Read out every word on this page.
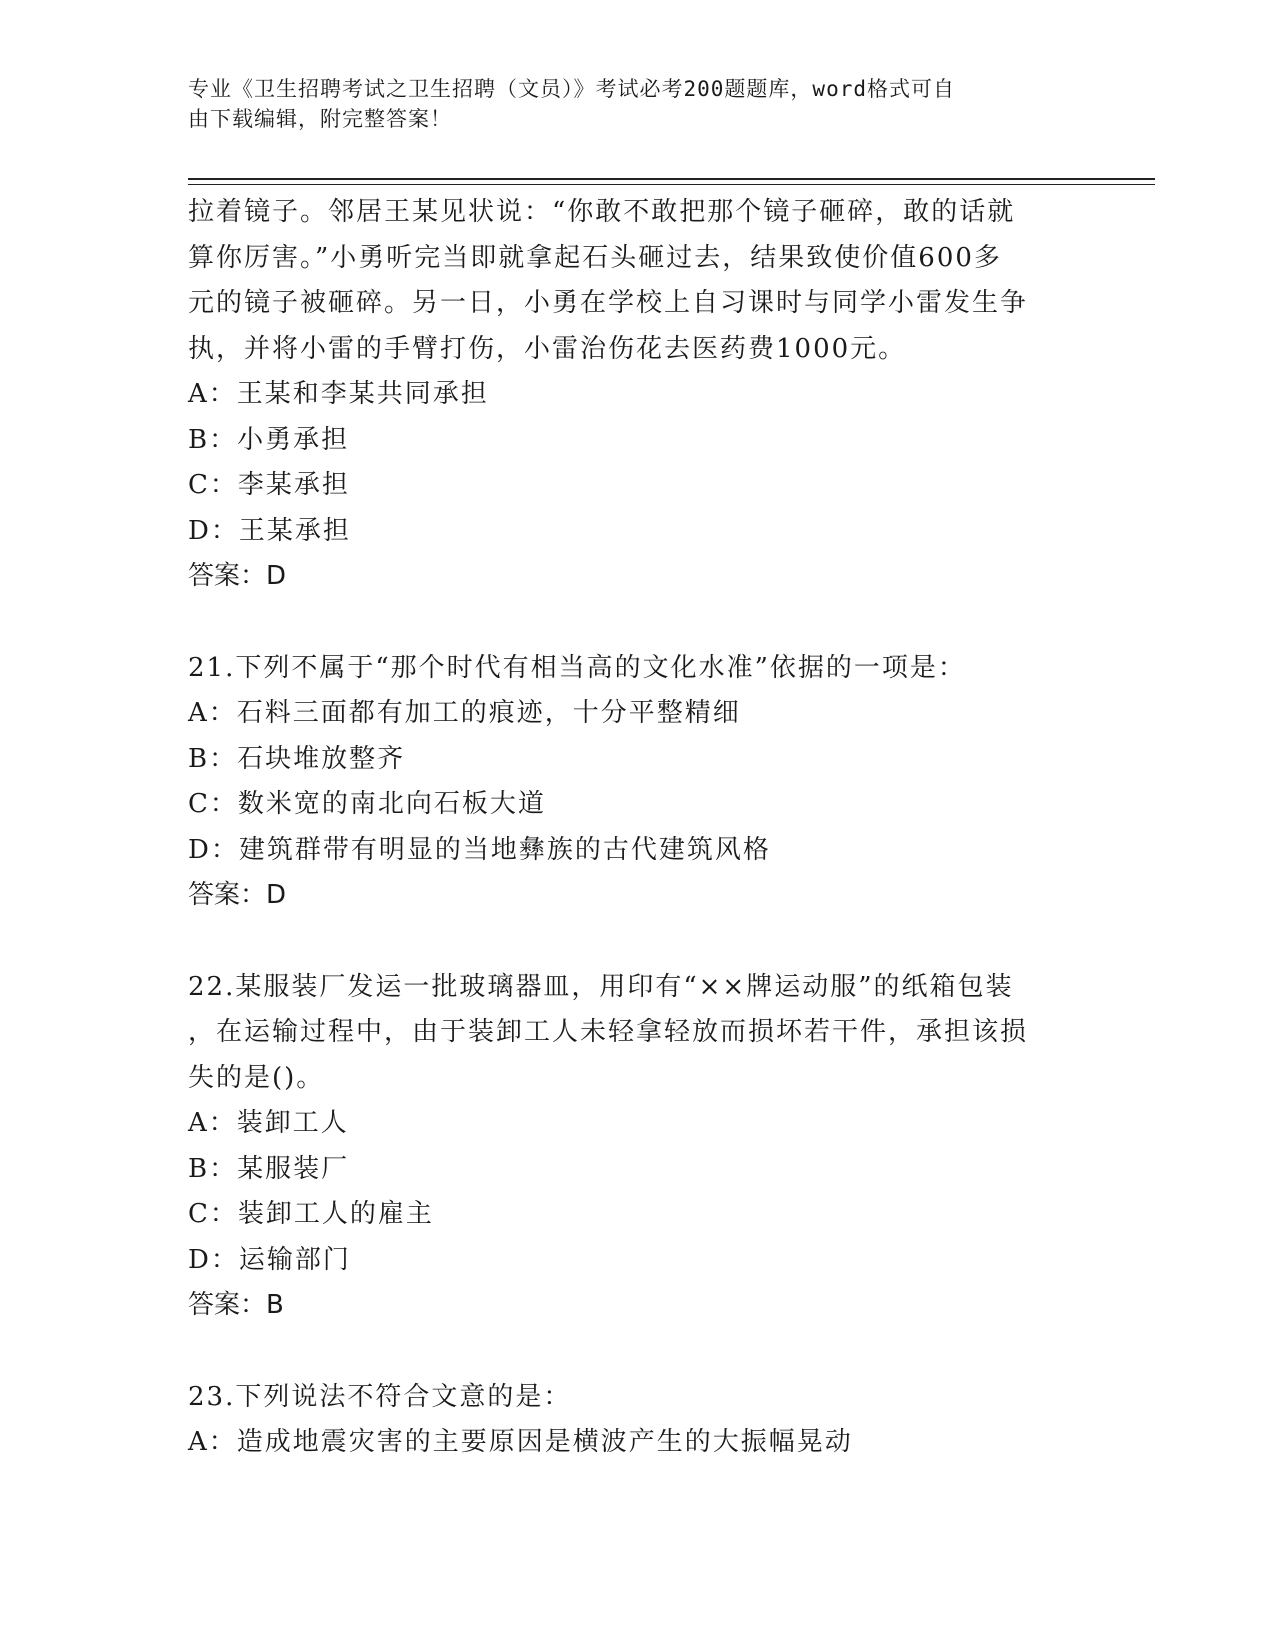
专业《卫生招聘考试之卫生招聘（文员）》考试必考200题题库，word格式可自
由下载编辑，附完整答案！
拉着镜子。邻居王某见状说：“你敢不敢把那个镜子砸碎，敢的话就
算你厉害。”小勇听完当即就拿起石头砸过去，结果致使价值600多
元的镜子被砸碎。另一日，小勇在学校上自习课时与同学小雷发生争
执，并将小雷的手臂打伤，小雷治伤花去医药费1000元。
A：王某和李某共同承担
B：小勇承担
C：李某承担
D：王某承担
答案：D
21.下列不属于“那个时代有相当高的文化水准”依据的一项是：
A：石料三面都有加工的痕迹，十分平整精细
B：石块堆放整齐
C：数米宽的南北向石板大道
D：建筑群带有明显的当地彝族的古代建筑风格
答案：D
22.某服装厂发运一批玻璃器皿，用印有“××牌运动服”的纸箱包装
，在运输过程中，由于装卸工人未轻拿轻放而损坏若干件，承担该损
失的是()。
A：装卸工人
B：某服装厂
C：装卸工人的雇主
D：运输部门
答案：B
23.下列说法不符合文意的是：
A：造成地震灾害的主要原因是横波产生的大振幅晃动
